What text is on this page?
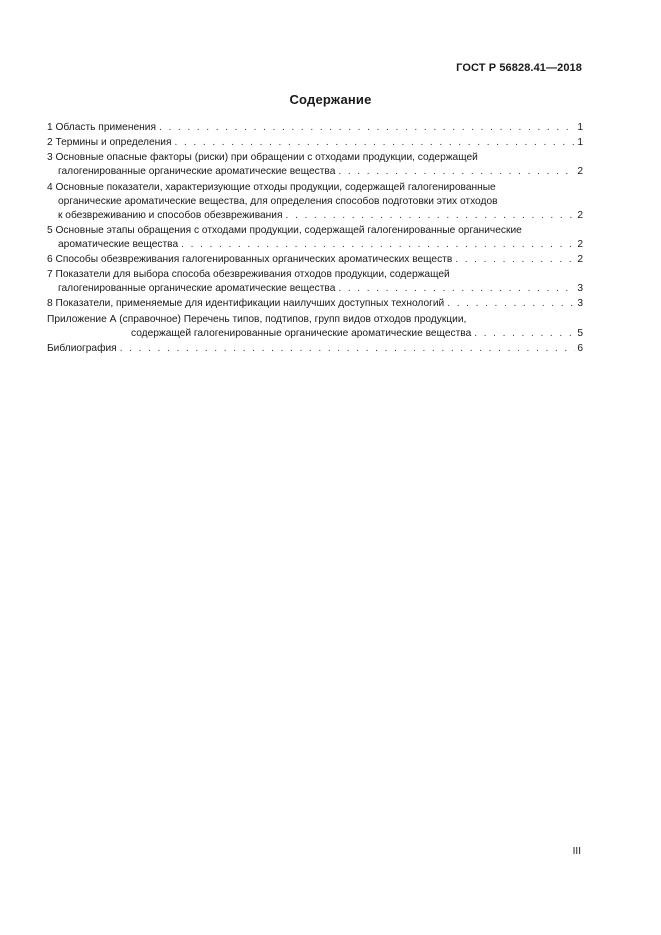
ГОСТ Р 56828.41—2018
Содержание
1 Область применения . . .	1
2 Термины и определения . . .	1
3 Основные опасные факторы (риски) при обращении с отходами продукции, содержащей
галогенированные органические ароматические вещества . . .	2
4 Основные показатели, характеризующие отходы продукции, содержащей галогенированные
органические ароматические вещества, для определения способов подготовки этих отходов
к обезвреживанию и способов обезвреживания . . .	2
5 Основные этапы обращения с отходами продукции, содержащей галогенированные органические
ароматические вещества . . .	2
6 Способы обезвреживания галогенированных органических ароматических веществ . . .	2
7 Показатели для выбора способа обезвреживания отходов продукции, содержащей
галогенированные органические ароматические вещества . . .	3
8 Показатели, применяемые для идентификации наилучших доступных технологий . . .	3
Приложение А (справочное) Перечень типов, подтипов, групп видов отходов продукции,
содержащей галогенированные органические ароматические вещества . . .	5
Библиография . . .	6
III
